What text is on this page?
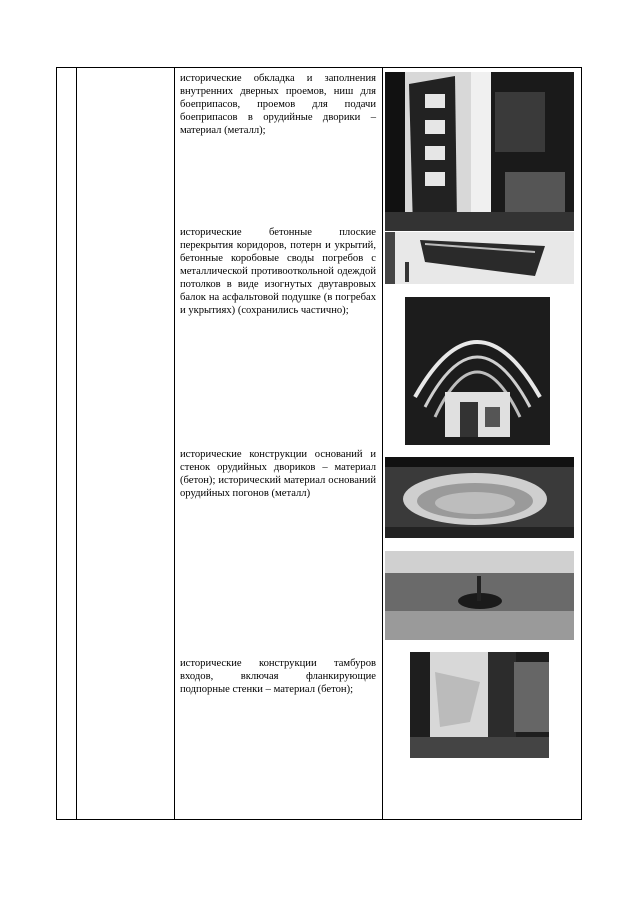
исторические обкладка и заполнения внутренних дверных проемов, ниш для боеприпасов, проемов для подачи боеприпасов в орудийные дворики – материал (металл);
исторические бетонные плоские перекрытия коридоров, потерн и укрытий, бетонные коробовые своды погребов с металлической противооткольной одеждой потолков в виде изогнутых двутавровых балок на асфальтовой подушке (в погребах и укрытиях) (сохранились частично);
исторические конструкции оснований и стенок орудийных двориков – материал (бетон); исторический материал оснований орудийных погонов (металл)
исторические конструкции тамбуров входов, включая фланкирующие подпорные стенки – материал (бетон);
